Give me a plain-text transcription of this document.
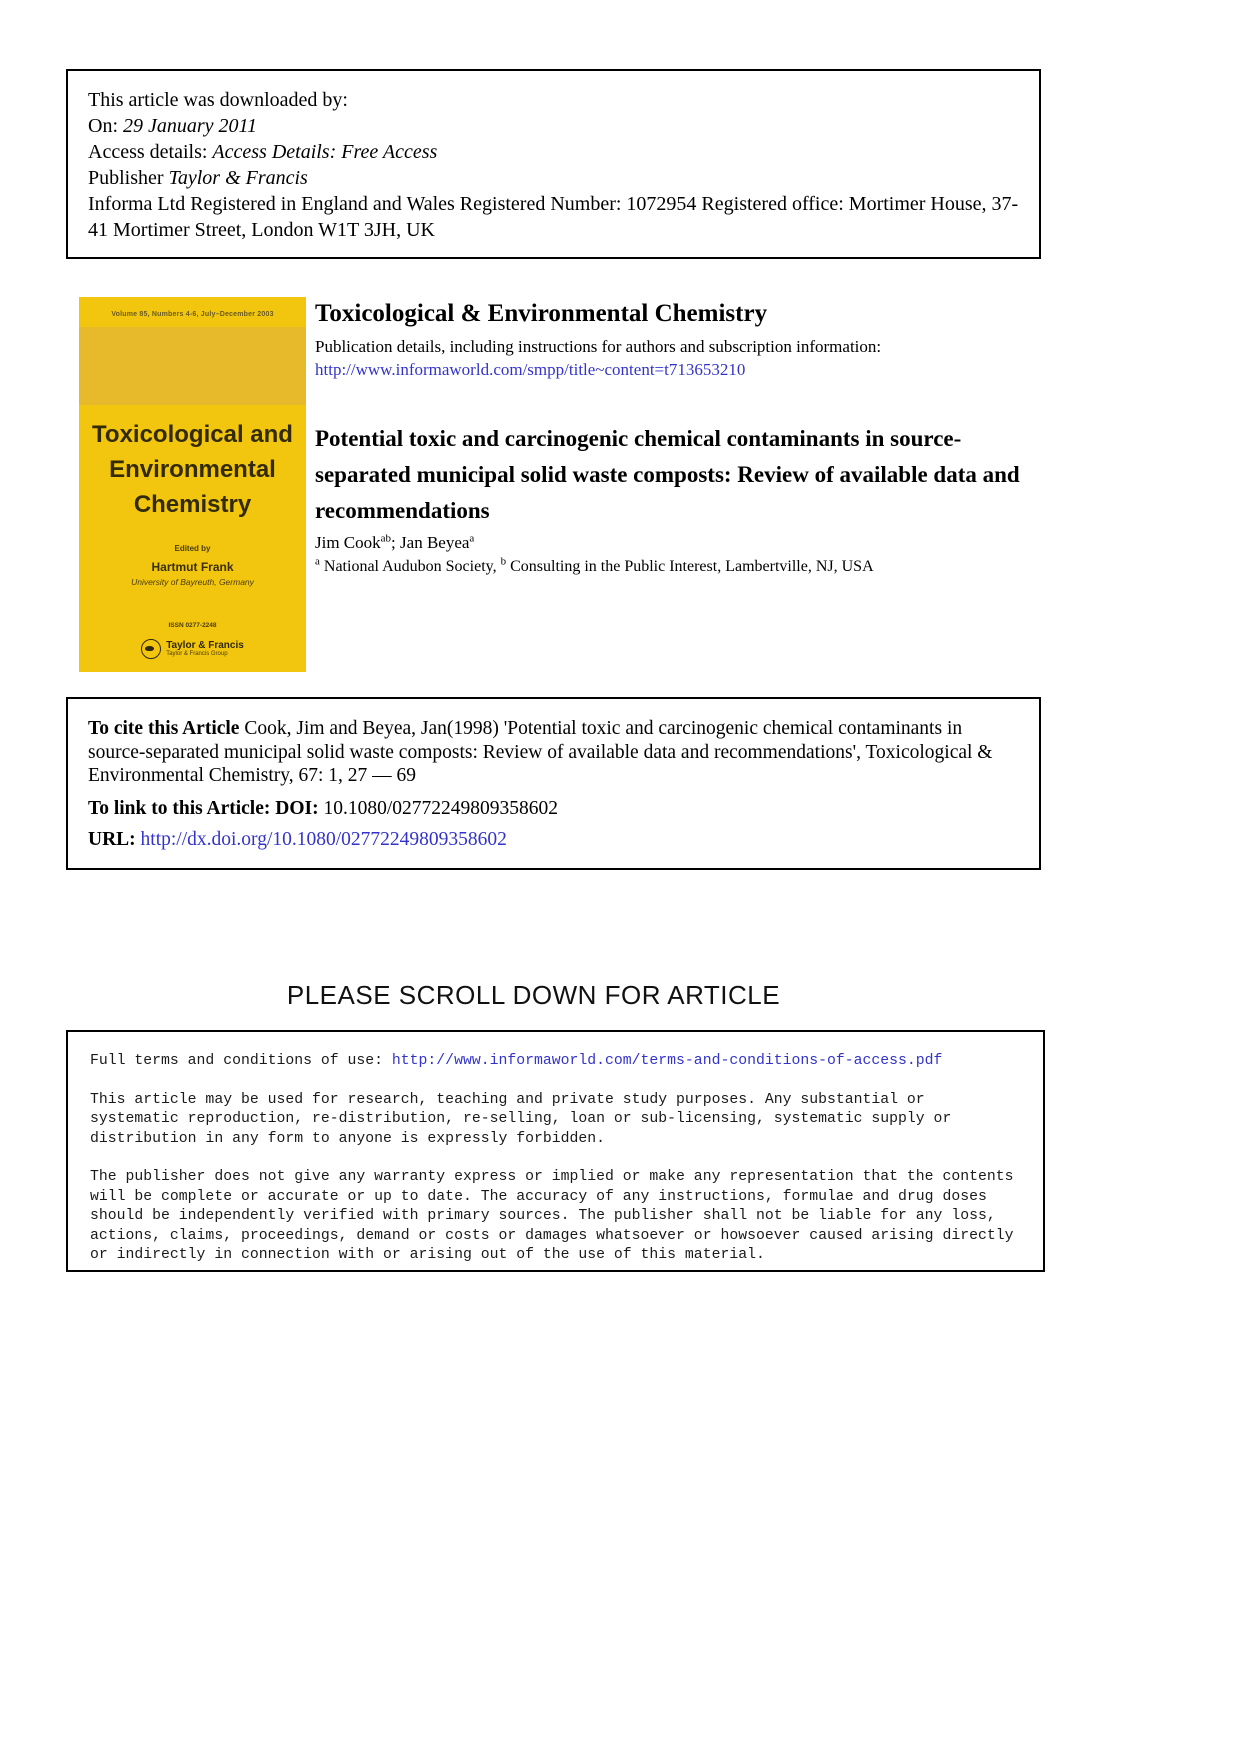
This article was downloaded by:
On: 29 January 2011
Access details: Access Details: Free Access
Publisher Taylor & Francis
Informa Ltd Registered in England and Wales Registered Number: 1072954 Registered office: Mortimer House, 37-41 Mortimer Street, London W1T 3JH, UK
Volume 85, Numbers 4-6, July–December 2003
Toxicological and
Environmental
Chemistry
Edited by
Hartmut Frank
University of Bayreuth, Germany
ISSN 0277-2248
Taylor & Francis
Taylor & Francis Group
Toxicological & Environmental Chemistry

Publication details, including instructions for authors and subscription information:

http://www.informaworld.com/smpp/title~content=t713653210
Potential toxic and carcinogenic chemical contaminants in source-separated municipal solid waste composts: Review of available data and recommendations
Jim Cook$^{ab}$; Jan Beyea$^a$
$^a$ National Audubon Society, $^b$ Consulting in the Public Interest, Lambertville, NJ, USA
To cite this Article Cook, Jim and Beyea, Jan(1998) 'Potential toxic and carcinogenic chemical contaminants in source-separated municipal solid waste composts: Review of available data and recommendations', Toxicological & Environmental Chemistry, 67: 1, 27 — 69
To link to this Article: DOI: 10.1080/02772249809358602
URL: http://dx.doi.org/10.1080/02772249809358602
PLEASE SCROLL DOWN FOR ARTICLE

Full terms and conditions of use: http://www.informaworld.com/terms-and-conditions-of-access.pdf

This article may be used for research, teaching and private study purposes. Any substantial or systematic reproduction, re-distribution, re-selling, loan or sub-licensing, systematic supply or distribution in any form to anyone is expressly forbidden.

The publisher does not give any warranty express or implied or make any representation that the contents will be complete or accurate or up to date. The accuracy of any instructions, formulae and drug doses should be independently verified with primary sources. The publisher shall not be liable for any loss, actions, claims, proceedings, demand or costs or damages whatsoever or howsoever caused arising directly or indirectly in connection with or arising out of the use of this material.
